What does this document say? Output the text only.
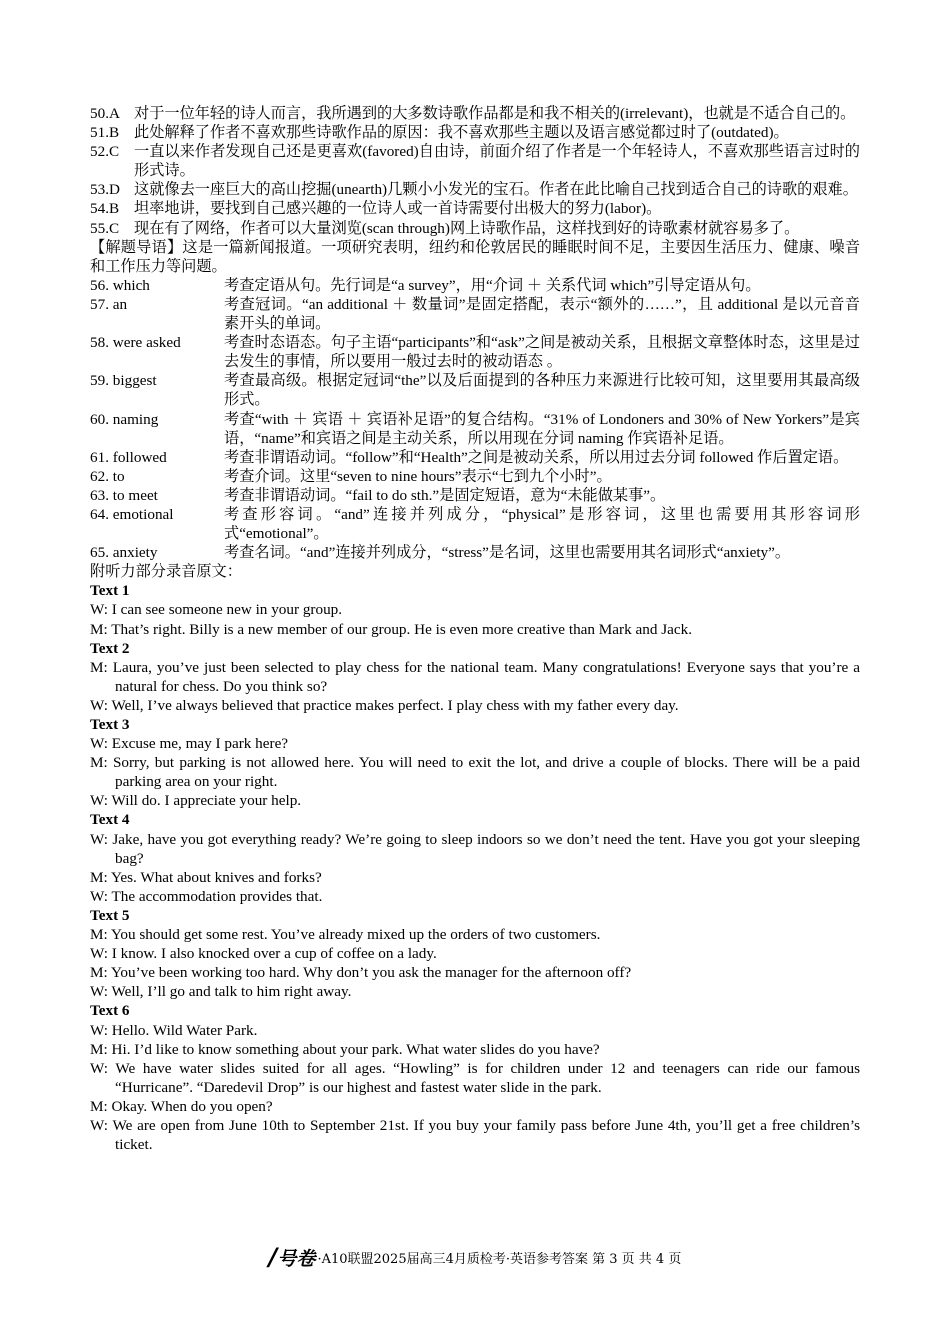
50.A 对于一位年轻的诗人而言，我所遇到的大多数诗歌作品都是和我不相关的(irrelevant)，也就是不适合自己的。
51.B 此处解释了作者不喜欢那些诗歌作品的原因：我不喜欢那些主题以及语言感觉都过时了(outdated)。
52.C 一直以来作者发现自己还是更喜欢(favored)自由诗，前面介绍了作者是一个年轻诗人，不喜欢那些语言过时的形式诗。
53.D 这就像去一座巨大的高山挖掘(unearth)几颗小小发光的宝石。作者在此比喻自己找到适合自己的诗歌的艰难。
54.B 坦率地讲，要找到自己感兴趣的一位诗人或一首诗需要付出极大的努力(labor)。
55.C 现在有了网络，作者可以大量浏览(scan through)网上诗歌作品，这样找到好的诗歌素材就容易多了。
【解题导语】这是一篇新闻报道。一项研究表明，纽约和伦敦居民的睡眠时间不足，主要因生活压力、健康、噪音和工作压力等问题。
56. which	考查定语从句。先行词是“a survey”，用“介词 ＋ 关系代词 which”引导定语从句。
57. an	考查冠词。“an additional ＋ 数量词”是固定搭配，表示“额外的……”，且 additional 是以元音音素开头的单词。
58. were asked	考查时态语态。句子主语“participants”和“ask”之间是被动关系，且根据文章整体时态，这里是过去发生的事情，所以要用一般过去时的被动语态 。
59. biggest	考查最高级。根据定冠词“the”以及后面提到的各种压力来源进行比较可知，这里要用其最高级形式。
60. naming	考查“with ＋ 宾语 ＋ 宾语补足语”的复合结构。“31% of Londoners and 30% of New Yorkers”是宾语，“name”和宾语之间是主动关系，所以用现在分词 naming 作宾语补足语。
61. followed	考查非谓语动词。“follow”和“Health”之间是被动关系，所以用过去分词 followed 作后置定语。
62. to	考查介词。这里“seven to nine hours”表示“七到九个小时”。
63. to meet	考查非谓语动词。“fail to do sth.”是固定短语，意为“未能做某事”。
64. emotional	考查形容词。“and”连接并列成分，“physical”是形容词，这里也需要用其形容词形式“emotional”。
65. anxiety	考查名词。“and”连接并列成分，“stress”是名词，这里也需要用其名词形式“anxiety”。
附听力部分录音原文：
Text 1
W: I can see someone new in your group.
M: That’s right. Billy is a new member of our group. He is even more creative than Mark and Jack.
Text 2
M: Laura, you’ve just been selected to play chess for the national team. Many congratulations! Everyone says that you’re a natural for chess. Do you think so?
W: Well, I’ve always believed that practice makes perfect. I play chess with my father every day.
Text 3
W: Excuse me, may I park here?
M: Sorry, but parking is not allowed here. You will need to exit the lot, and drive a couple of blocks. There will be a paid parking area on your right.
W: Will do. I appreciate your help.
Text 4
W: Jake, have you got everything ready? We’re going to sleep indoors so we don’t need the tent. Have you got your sleeping bag?
M: Yes. What about knives and forks?
W: The accommodation provides that.
Text 5
M: You should get some rest. You’ve already mixed up the orders of two customers.
W: I know. I also knocked over a cup of coffee on a lady.
M: You’ve been working too hard. Why don’t you ask the manager for the afternoon off?
W: Well, I’ll go and talk to him right away.
Text 6
W: Hello. Wild Water Park.
M: Hi. I’d like to know something about your park. What water slides do you have?
W: We have water slides suited for all ages. “Howling” is for children under 12 and teenagers can ride our famous “Hurricane”. “Daredevil Drop” is our highest and fastest water slide in the park.
M: Okay. When do you open?
W: We are open from June 10th to September 21st. If you buy your family pass before June 4th, you’ll get a free children’s ticket.
/号卷 ·A10联盟2025届高三4月质检考·英语参考答案 第 3 页 共 4 页
